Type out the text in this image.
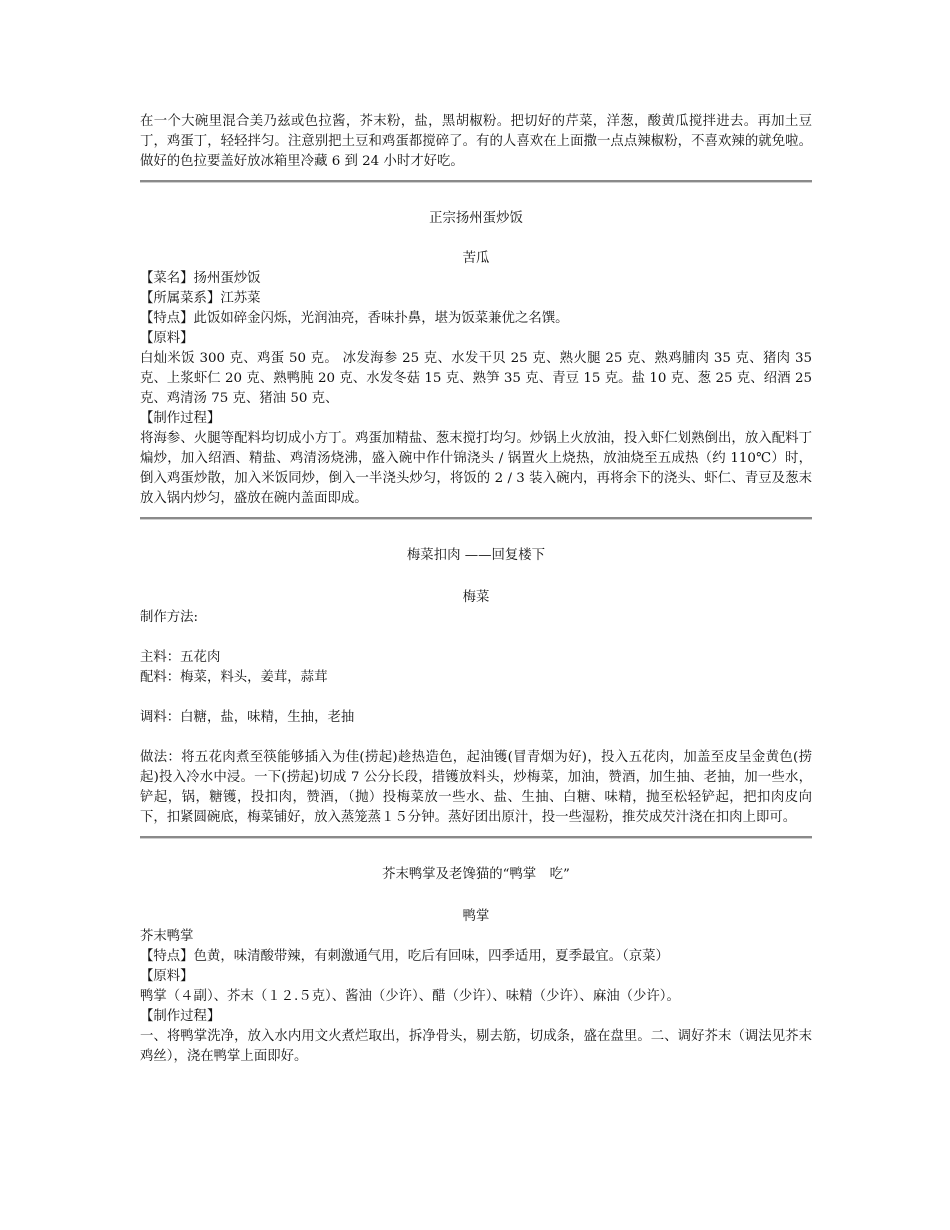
在一个大碗里混合美乃兹或色拉酱，芥末粉，盐，黑胡椒粉。把切好的芹菜，洋葱，酸黄瓜搅拌进去。再加土豆丁，鸡蛋丁，轻轻拌匀。注意别把土豆和鸡蛋都搅碎了。有的人喜欢在上面撒一点点辣椒粉，不喜欢辣的就免啦。做好的色拉要盖好放冰箱里冷藏 6 到 24 小时才好吃。

正宗扬州蛋炒饭

苦瓜

【菜名】扬州蛋炒饭

【所属菜系】江苏菜

【特点】此饭如碎金闪烁，光润油亮，香味扑鼻，堪为饭菜兼优之名馔。

【原料】

白灿米饭 300 克、鸡蛋 50 克。 冰发海参 25 克、水发干贝 25 克、熟火腿 25 克、熟鸡脯肉 35 克、猪肉 35 克、上浆虾仁 20 克、熟鸭肫 20 克、水发冬菇 15 克、熟笋 35 克、青豆 15 克。盐 10 克、葱 25 克、绍酒 25 克、鸡清汤 75 克、猪油 50 克、

【制作过程】

将海参、火腿等配料均切成小方丁。鸡蛋加精盐、葱末搅打均匀。炒锅上火放油，投入虾仁划熟倒出，放入配料丁煸炒，加入绍酒、精盐、鸡清汤烧沸，盛入碗中作什锦浇头 / 锅置火上烧热，放油烧至五成热（约 110℃）时，倒入鸡蛋炒散，加入米饭同炒，倒入一半浇头炒匀，将饭的 2 / 3 装入碗内，再将余下的浇头、虾仁、青豆及葱末放入锅内炒匀，盛放在碗内盖面即成。

梅菜扣肉 ——回复楼下

梅菜

制作方法:

主料：五花肉

配料：梅菜，料头，姜茸，蒜茸

调料：白糖，盐，味精，生抽，老抽

做法：将五花肉煮至筷能够插入为佳(捞起)趁热造色，起油镬(冒青烟为好)，投入五花肉，加盖至皮呈金黄色(捞起)投入冷水中浸。一下(捞起)切成 7 公分长段，措镬放料头，炒梅菜，加油，赞酒，加生抽、老抽，加一些水，铲起，锅，糖镬，投扣肉，赞酒，（抛）投梅菜放一些水、盐、生抽、白糖、味精，抛至松轻铲起，把扣肉皮向下，扣紧圆碗底，梅菜铺好，放入蒸笼蒸１５分钟。蒸好团出原汁，投一些湿粉，推芡成芡汁浇在扣肉上即可。

芥末鸭掌及老馋猫的“鸭掌　吃”

鸭掌

芥末鸭掌

【特点】色黄，味清酸带辣，有刺激通气用，吃后有回味，四季适用，夏季最宜。（京菜）

【原料】

鸭掌（４副）、芥末（１２.５克）、酱油（少许）、醋（少许）、味精（少许）、麻油（少许）。

【制作过程】

一、将鸭掌洗净，放入水内用文火煮烂取出，拆净骨头，剔去筋，切成条，盛在盘里。二、调好芥末（调法见芥末鸡丝），浇在鸭掌上面即好。
